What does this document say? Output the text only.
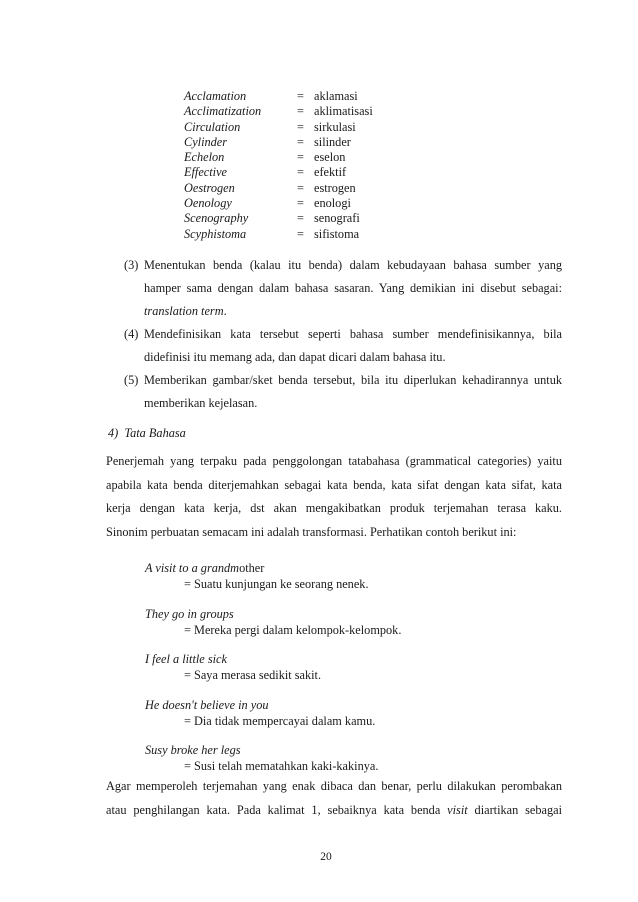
Acclamation	= aklamasi
Acclimatization	= aklimatisasi
Circulation	= sirkulasi
Cylinder	= silinder
Echelon	= eselon
Effective	= efektif
Oestrogen	= estrogen
Oenology	= enologi
Scenography	= senografi
Scyphistoma	= sifistoma
(3) Menentukan benda (kalau itu benda) dalam kebudayaan bahasa sumber yang
hamper sama dengan dalam bahasa sasaran. Yang demikian ini disebut sebagai:
translation term.
(4) Mendefinisikan kata tersebut seperti bahasa sumber mendefinisikannya, bila
didefinisi itu memang ada, dan dapat dicari dalam bahasa itu.
(5) Memberikan gambar/sket benda tersebut, bila itu diperlukan kehadirannya untuk
memberikan kejelasan.
4) Tata Bahasa
Penerjemah yang terpaku pada penggolongan tatabahasa (grammatical categories) yaitu
apabila kata benda diterjemahkan sebagai kata benda, kata sifat dengan kata sifat, kata
kerja dengan kata kerja, dst akan mengakibatkan produk terjemahan terasa kaku.
Sinonim perbuatan semacam ini adalah transformasi. Perhatikan contoh berikut ini:
A visit to a grandmother
= Suatu kunjungan ke seorang nenek.
They go in groups
= Mereka pergi dalam kelompok-kelompok.
I feel a little sick
= Saya merasa sedikit sakit.
He doesn't believe in you
= Dia tidak mempercayai dalam kamu.
Susy broke her legs
= Susi telah mematahkan kaki-kakinya.
Agar memperoleh terjemahan yang enak dibaca dan benar, perlu dilakukan perombakan
atau penghilangan kata. Pada kalimat 1, sebaiknya kata benda visit diartikan sebagai
20
